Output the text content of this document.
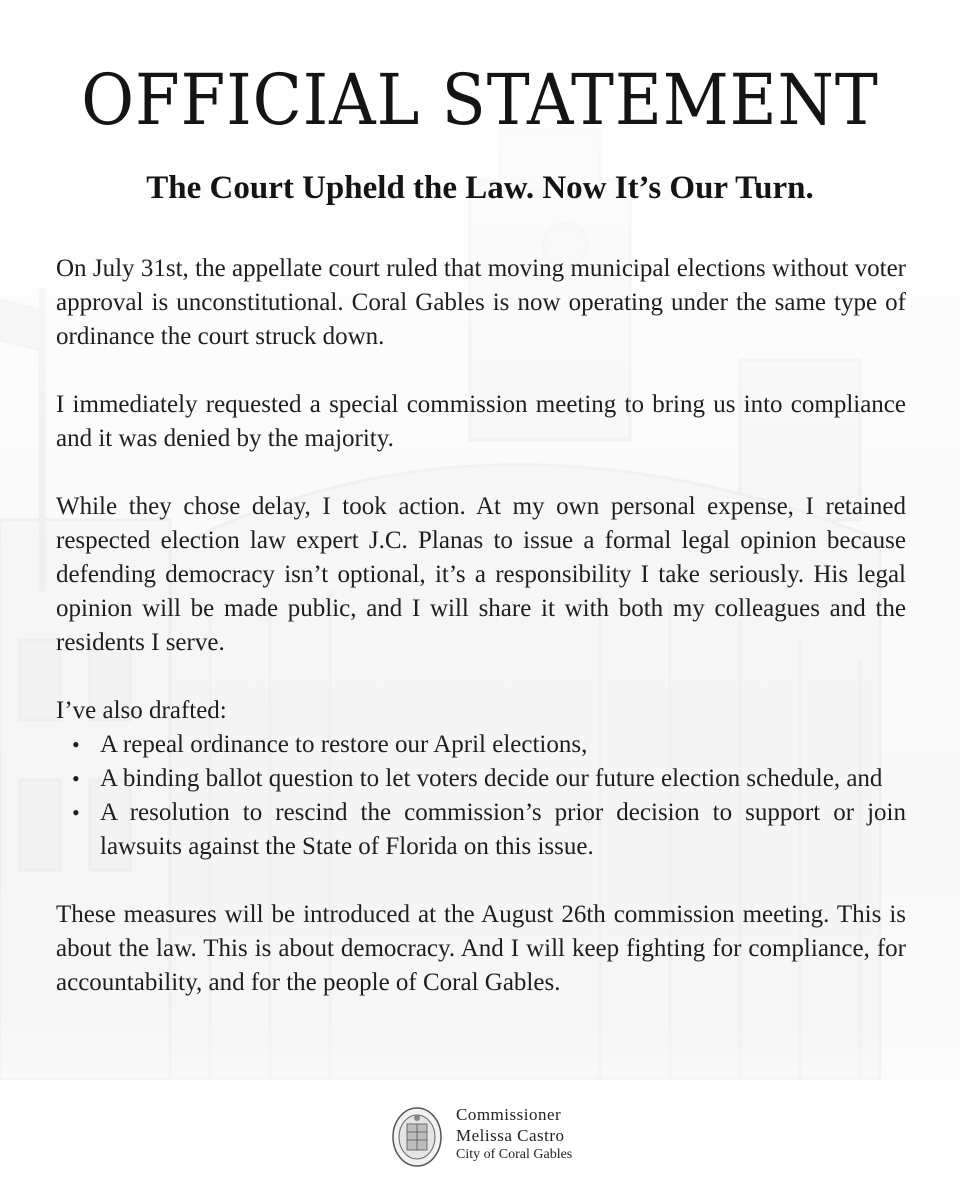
OFFICIAL STATEMENT
The Court Upheld the Law. Now It’s Our Turn.

On July 31st, the appellate court ruled that moving municipal elections without voter approval is unconstitutional. Coral Gables is now operating under the same type of ordinance the court struck down.

I immediately requested a special commission meeting to bring us into compliance and it was denied by the majority.

While they chose delay, I took action. At my own personal expense, I retained respected election law expert J.C. Planas to issue a formal legal opinion because defending democracy isn’t optional, it’s a responsibility I take seriously. His legal opinion will be made public, and I will share it with both my colleagues and the residents I serve.

I’ve also drafted:

• A repeal ordinance to restore our April elections,
• A binding ballot question to let voters decide our future election schedule, and
• A resolution to rescind the commission’s prior decision to support or join lawsuits against the State of Florida on this issue.

These measures will be introduced at the August 26th commission meeting. This is about the law. This is about democracy. And I will keep fighting for compliance, for accountability, and for the people of Coral Gables.

Commissioner
Melissa Castro
City of Coral Gables
